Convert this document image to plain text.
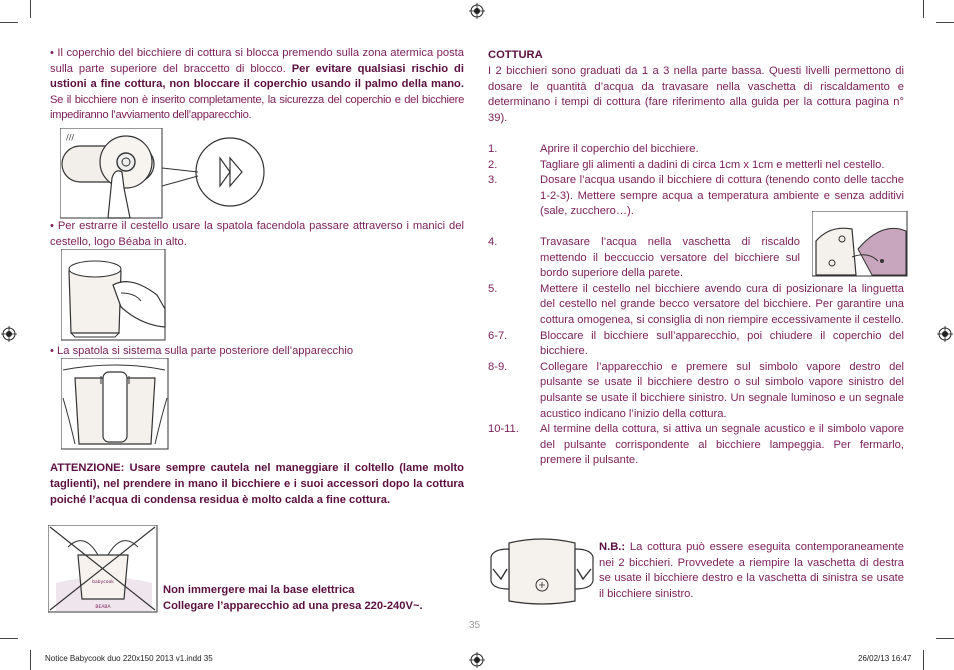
• Il coperchio del bicchiere di cottura si blocca premendo sulla zona atermica posta sulla parte superiore del braccetto di blocco. Per evitare qualsiasi rischio di ustioni a fine cottura, non bloccare il coperchio usando il palmo della mano. Se il bicchiere non è inserito completamente, la sicurezza del coperchio e del bicchiere impediranno l’avviamento dell’apparecchio.
///
• Per estrarre il cestello usare la spatola facendola passare attraverso i manici del cestello, logo Béaba in alto.
• La spatola si sistema sulla parte posteriore dell’apparecchio
ATTENZIONE: Usare sempre cautela nel maneggiare il coltello (lame molto taglienti), nel prendere in mano il bicchiere e i suoi accessori dopo la cottura poiché l’acqua di condensa residua è molto calda a fine cottura.
babycook
BEABA
Non immergere mai la base elettrica
Collegare l’apparecchio ad una presa 220-240V~.
COTTURA
I 2 bicchieri sono graduati da 1 a 3 nella parte bassa. Questi livelli permettono di dosare le quantità d’acqua da travasare nella vaschetta di riscaldamento e determinano i tempi di cottura (fare riferimento alla guida per la cottura pagina n° 39).
1.	Aprire il coperchio del bicchiere.
2.	Tagliare gli alimenti a dadini di circa 1cm x 1cm e metterli nel cestello.
3.	Dosare l’acqua usando il bicchiere di cottura (tenendo conto delle tacche 1-2-3). Mettere sempre acqua a temperatura ambiente e senza additivi (sale, zucchero…).
4.	Travasare l’acqua nella vaschetta di riscaldo mettendo il beccuccio versatore del bicchiere sul bordo superiore della parete.
5.	Mettere il cestello nel bicchiere avendo cura di posizionare la linguetta del cestello nel grande becco versatore del bicchiere. Per garantire una cottura omogenea, si consiglia di non riempire eccessivamente il cestello.
6-7.	Bloccare il bicchiere sull’apparecchio, poi chiudere il coperchio del bicchiere.
8-9.	Collegare l’apparecchio e premere sul simbolo vapore destro del pulsante se usate il bicchiere destro o sul simbolo vapore sinistro del pulsante se usate il bicchiere sinistro. Un segnale luminoso e un segnale acustico indicano l’inizio della cottura.
10-11. Al termine della cottura, si attiva un segnale acustico e il simbolo vapore del pulsante corrispondente al bicchiere lampeggia. Per fermarlo, premere il pulsante.
N.B.: La cottura può essere eseguita contemporaneamente nei 2 bicchieri. Provvedete a riempire la vaschetta di destra se usate il bicchiere destro e la vaschetta di sinistra se usate il bicchiere sinistro.
35
Notice Babycook duo 220x150 2013 v1.indd 35	26/02/13 16:47
